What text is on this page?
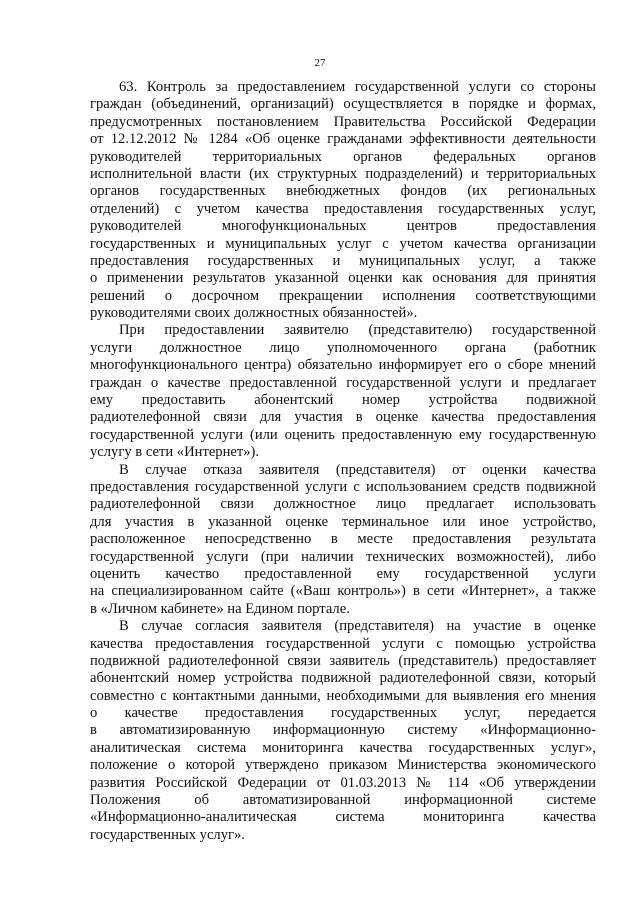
27
63. Контроль за предоставлением государственной услуги со стороны
граждан (объединений, организаций) осуществляется в порядке и формах,
предусмотренных постановлением Правительства Российской Федерации
от 12.12.2012 № 1284 «Об оценке гражданами эффективности деятельности
руководителей территориальных органов федеральных органов
исполнительной власти (их структурных подразделений) и территориальных
органов государственных внебюджетных фондов (их региональных
отделений) с учетом качества предоставления государственных услуг,
руководителей многофункциональных центров предоставления
государственных и муниципальных услуг с учетом качества организации
предоставления государственных и муниципальных услуг, а также
о применении результатов указанной оценки как основания для принятия
решений о досрочном прекращении исполнения соответствующими
руководителями своих должностных обязанностей».
При предоставлении заявителю (представителю) государственной
услуги должностное лицо уполномоченного органа (работник
многофункционального центра) обязательно информирует его о сборе мнений
граждан о качестве предоставленной государственной услуги и предлагает
ему предоставить абонентский номер устройства подвижной
радиотелефонной связи для участия в оценке качества предоставления
государственной услуги (или оценить предоставленную ему государственную
услугу в сети «Интернет»).
В случае отказа заявителя (представителя) от оценки качества
предоставления государственной услуги с использованием средств подвижной
радиотелефонной связи должностное лицо предлагает использовать
для участия в указанной оценке терминальное или иное устройство,
расположенное непосредственно в месте предоставления результата
государственной услуги (при наличии технических возможностей), либо
оценить качество предоставленной ему государственной услуги
на специализированном сайте («Ваш контроль») в сети «Интернет», а также
в «Личном кабинете» на Едином портале.
В случае согласия заявителя (представителя) на участие в оценке
качества предоставления государственной услуги с помощью устройства
подвижной радиотелефонной связи заявитель (представитель) предоставляет
абонентский номер устройства подвижной радиотелефонной связи, который
совместно с контактными данными, необходимыми для выявления его мнения
о качестве предоставления государственных услуг, передается
в автоматизированную информационную систему «Информационно-
аналитическая система мониторинга качества государственных услуг»,
положение о которой утверждено приказом Министерства экономического
развития Российской Федерации от 01.03.2013 № 114 «Об утверждении
Положения об автоматизированной информационной системе
«Информационно-аналитическая система мониторинга качества
государственных услуг».
